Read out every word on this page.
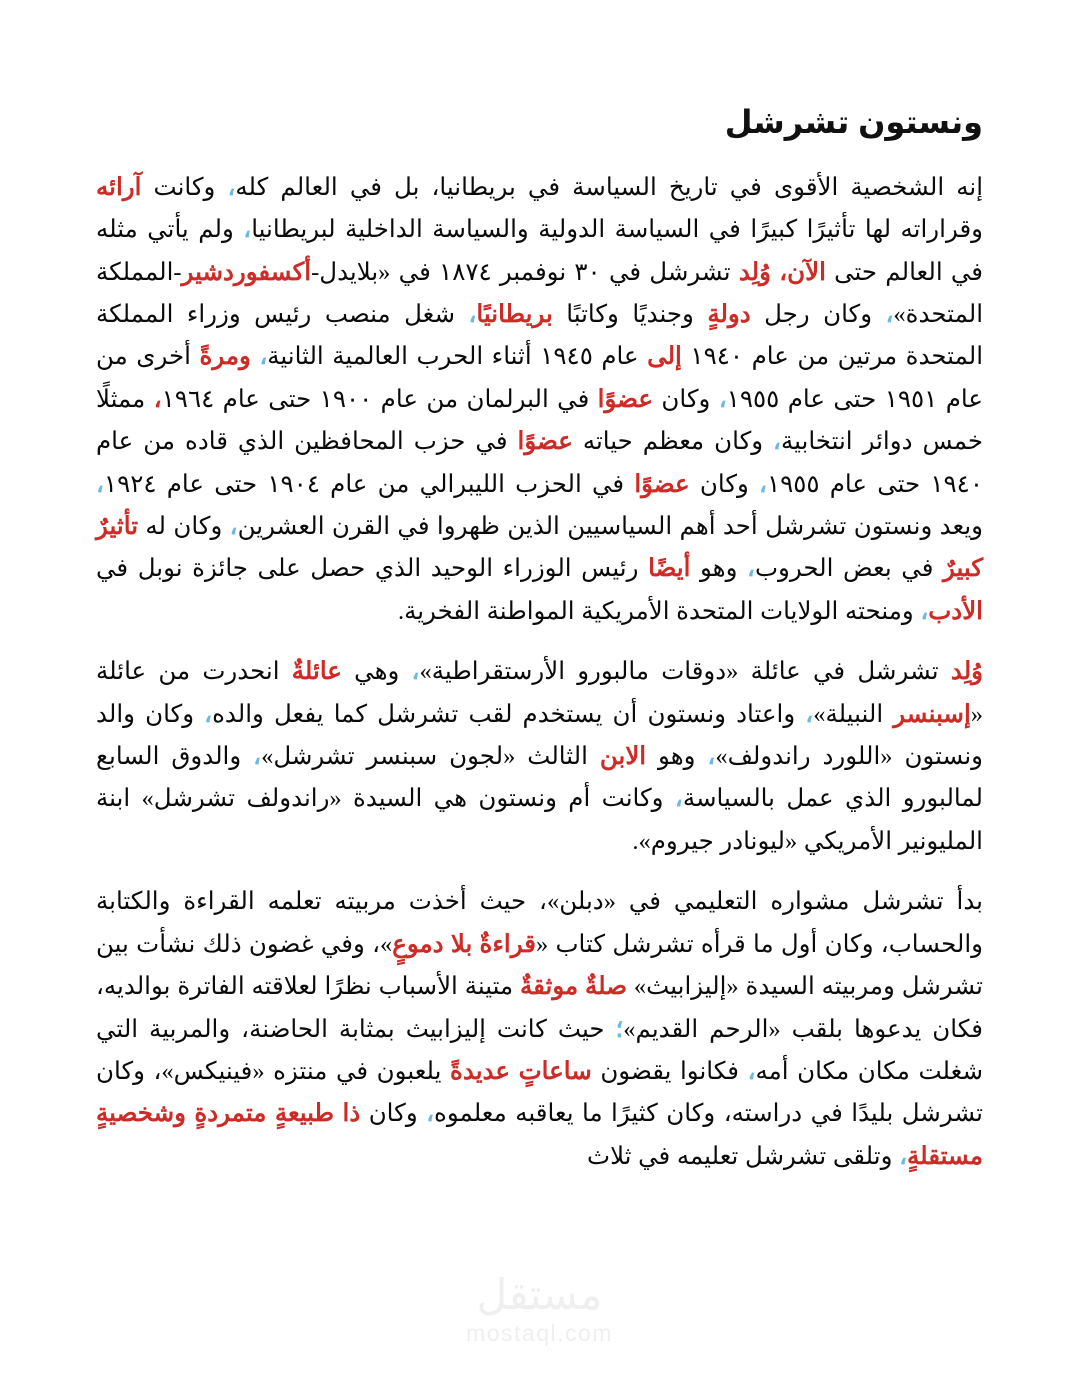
ونستون تشرشل

إنه الشخصية الأقوى في تاريخ السياسة في بريطانيا، بل في العالم كله، وكانت آرائه وقراراته لها تأثيرًا كبيرًا في السياسة الدولية والسياسة الداخلية لبريطانيا، ولم يأتي مثله في العالم حتى الآن، وُلِد تشرشل في ٣٠ نوفمبر ١٨٧٤ في «بلايدل-أكسفوردشير-المملكة المتحدة»، وكان رجل دولةٍ وجنديًا وكاتبًا بريطانيًا، شغل منصب رئيس وزراء المملكة المتحدة مرتين من عام ١٩٤٠ إلى عام ١٩٤٥ أثناء الحرب العالمية الثانية، ومرةً أخرى من عام ١٩٥١ حتى عام ١٩٥٥، وكان عضوًا في البرلمان من عام ١٩٠٠ حتى عام ١٩٦٤، ممثلًا خمس دوائر انتخابية، وكان معظم حياته عضوًا في حزب المحافظين الذي قاده من عام ١٩٤٠ حتى عام ١٩٥٥، وكان عضوًا في الحزب الليبرالي من عام ١٩٠٤ حتى عام ١٩٢٤، ويعد ونستون تشرشل أحد أهم السياسيين الذين ظهروا في القرن العشرين، وكان له تأثيرٌ كبيرٌ في بعض الحروب، وهو أيضًا رئيس الوزراء الوحيد الذي حصل على جائزة نوبل في الأدب، ومنحته الولايات المتحدة الأمريكية المواطنة الفخرية.

وُلِد تشرشل في عائلة «دوقات مالبورو الأرستقراطية»، وهي عائلةٌ انحدرت من عائلة «إسبنسر النبيلة»، واعتاد ونستون أن يستخدم لقب تشرشل كما يفعل والده، وكان والد ونستون «اللورد راندولف»، وهو الابن الثالث «لجون سبنسر تشرشل»، والدوق السابع لمالبورو الذي عمل بالسياسة، وكانت أم ونستون هي السيدة «راندولف تشرشل» ابنة المليونير الأمريكي «ليونادر جيروم».

بدأ تشرشل مشواره التعليمي في «دبلن»، حيث أخذت مربيته تعلمه القراءة والكتابة والحساب، وكان أول ما قرأه تشرشل كتاب «قراءةٌ بلا دموعٍ»، وفي غضون ذلك نشأت بين تشرشل ومربيته السيدة «إليزابيث» صلةٌ موثقةٌ متينة الأسباب نظرًا لعلاقته الفاترة بوالديه، فكان يدعوها بلقب «الرحم القديم»؛ حيث كانت إليزابيث بمثابة الحاضنة، والمربية التي شغلت مكان مكان أمه، فكانوا يقضون ساعاتٍ عديدةً يلعبون في منتزه «فينيكس»، وكان تشرشل بليدًا في دراسته، وكان كثيرًا ما يعاقبه معلموه، وكان ذا طبيعةٍ متمردةٍ وشخصيةٍ مستقلةٍ، وتلقى تشرشل تعليمه في ثلاث

مستقل
mostaql.com
